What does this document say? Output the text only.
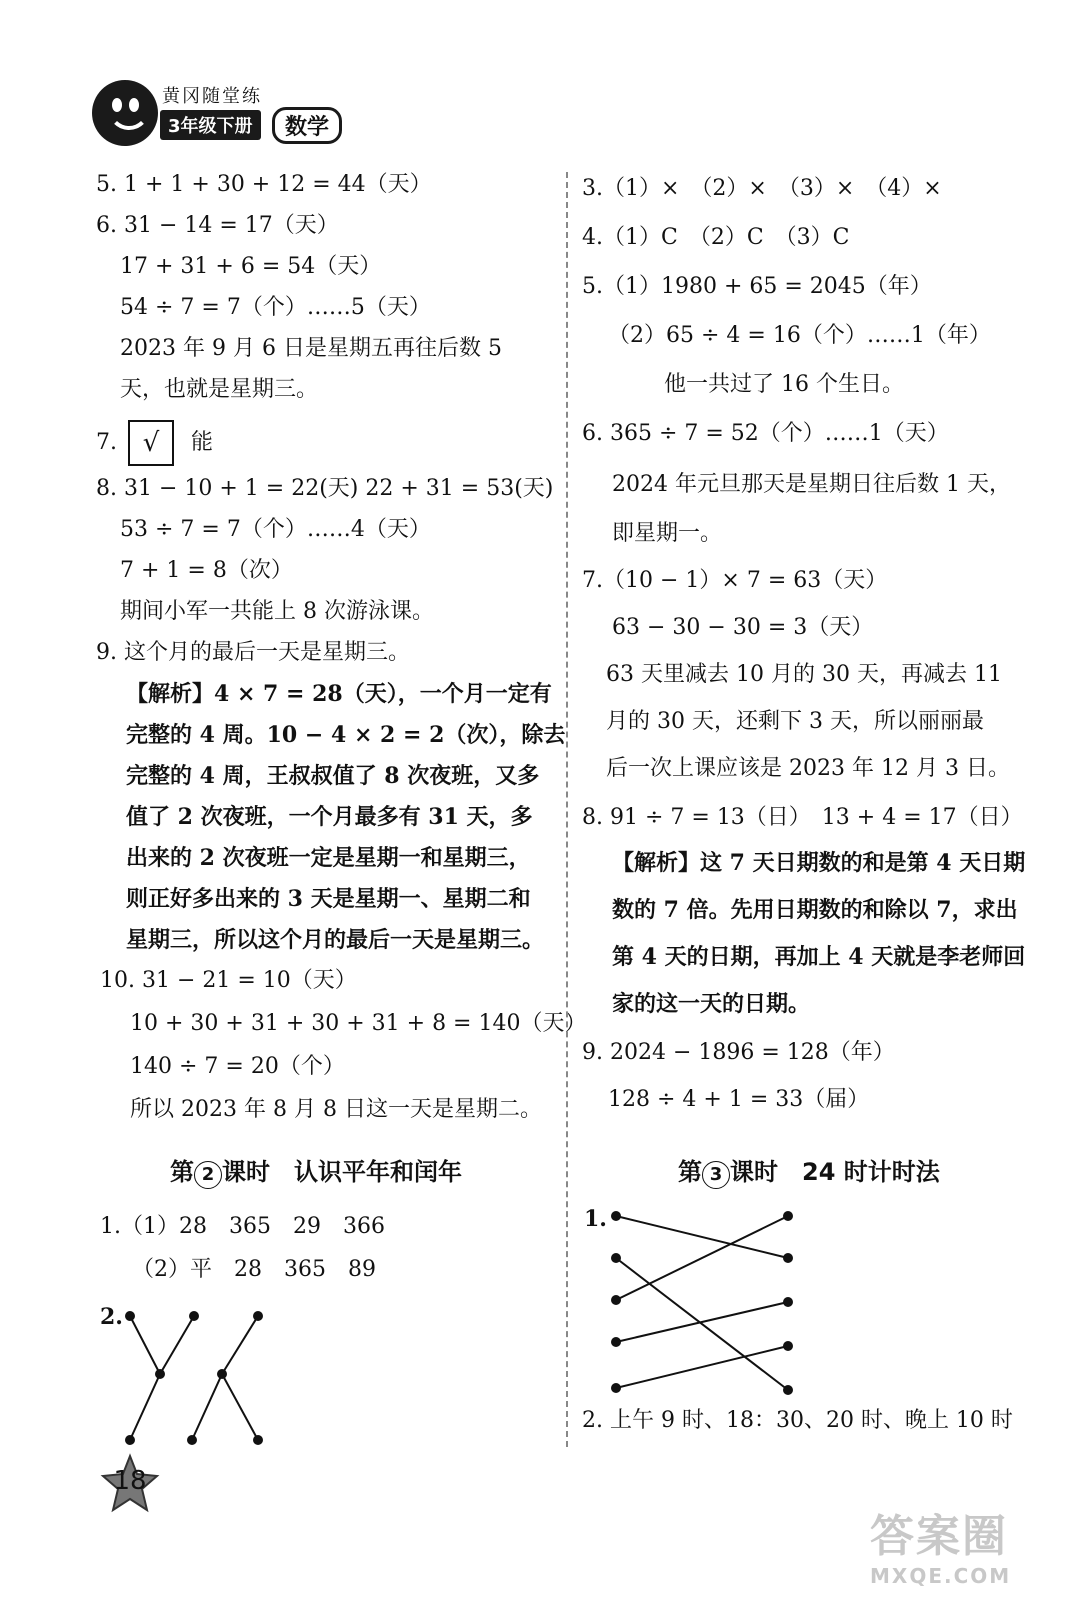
黄冈随堂练
3年级下册	数学
5. 1 + 1 + 30 + 12 = 44（天）
6. 31 − 14 = 17（天）
17 + 31 + 6 = 54（天）
54 ÷ 7 = 7（个）……5（天）
2023 年 9 月 6 日是星期五再往后数 5
天，也就是星期三。
7. √ 能
8. 31 − 10 + 1 = 22(天) 22 + 31 = 53(天)
53 ÷ 7 = 7（个）……4（天）
7 + 1 = 8（次）
期间小军一共能上 8 次游泳课。
9. 这个月的最后一天是星期三。
【解析】4 × 7 = 28（天），一个月一定有
完整的 4 周。10 − 4 × 2 = 2（次），除去
完整的 4 周，王叔叔值了 8 次夜班，又多
值了 2 次夜班，一个月最多有 31 天，多
出来的 2 次夜班一定是星期一和星期三，
则正好多出来的 3 天是星期一、星期二和
星期三，所以这个月的最后一天是星期三。
10. 31 − 21 = 10（天）
10 + 30 + 31 + 30 + 31 + 8 = 140（天）
140 ÷ 7 = 20（个）
所以 2023 年 8 月 8 日这一天是星期二。
第 2 课时　认识平年和闰年
1.（1）28　365　29　366
（2）平　28　365　89
2.
3.（1）×　（2）×　（3）×　（4）×
4.（1）C　（2）C　（3）C
5.（1）1980 + 65 = 2045（年）
（2）65 ÷ 4 = 16（个）……1（年）
他一共过了 16 个生日。
6. 365 ÷ 7 = 52（个）……1（天）
2024 年元旦那天是星期日往后数 1 天，
即星期一。
7.（10 − 1）× 7 = 63（天）
63 − 30 − 30 = 3（天）
63 天里减去 10 月的 30 天，再减去 11
月的 30 天，还剩下 3 天，所以丽丽最
后一次上课应该是 2023 年 12 月 3 日。
8. 91 ÷ 7 = 13（日）　13 + 4 = 17（日）
【解析】这 7 天日期数的和是第 4 天日期
数的 7 倍。先用日期数的和除以 7，求出
第 4 天的日期，再加上 4 天就是李老师回
家的这一天的日期。
9. 2024 − 1896 = 128（年）
128 ÷ 4 + 1 = 33（届）
第 3 课时　24 时计时法
1.
2. 上午 9 时、18：30、20 时、晚上 10 时
18
答案圈
MXQE.COM
